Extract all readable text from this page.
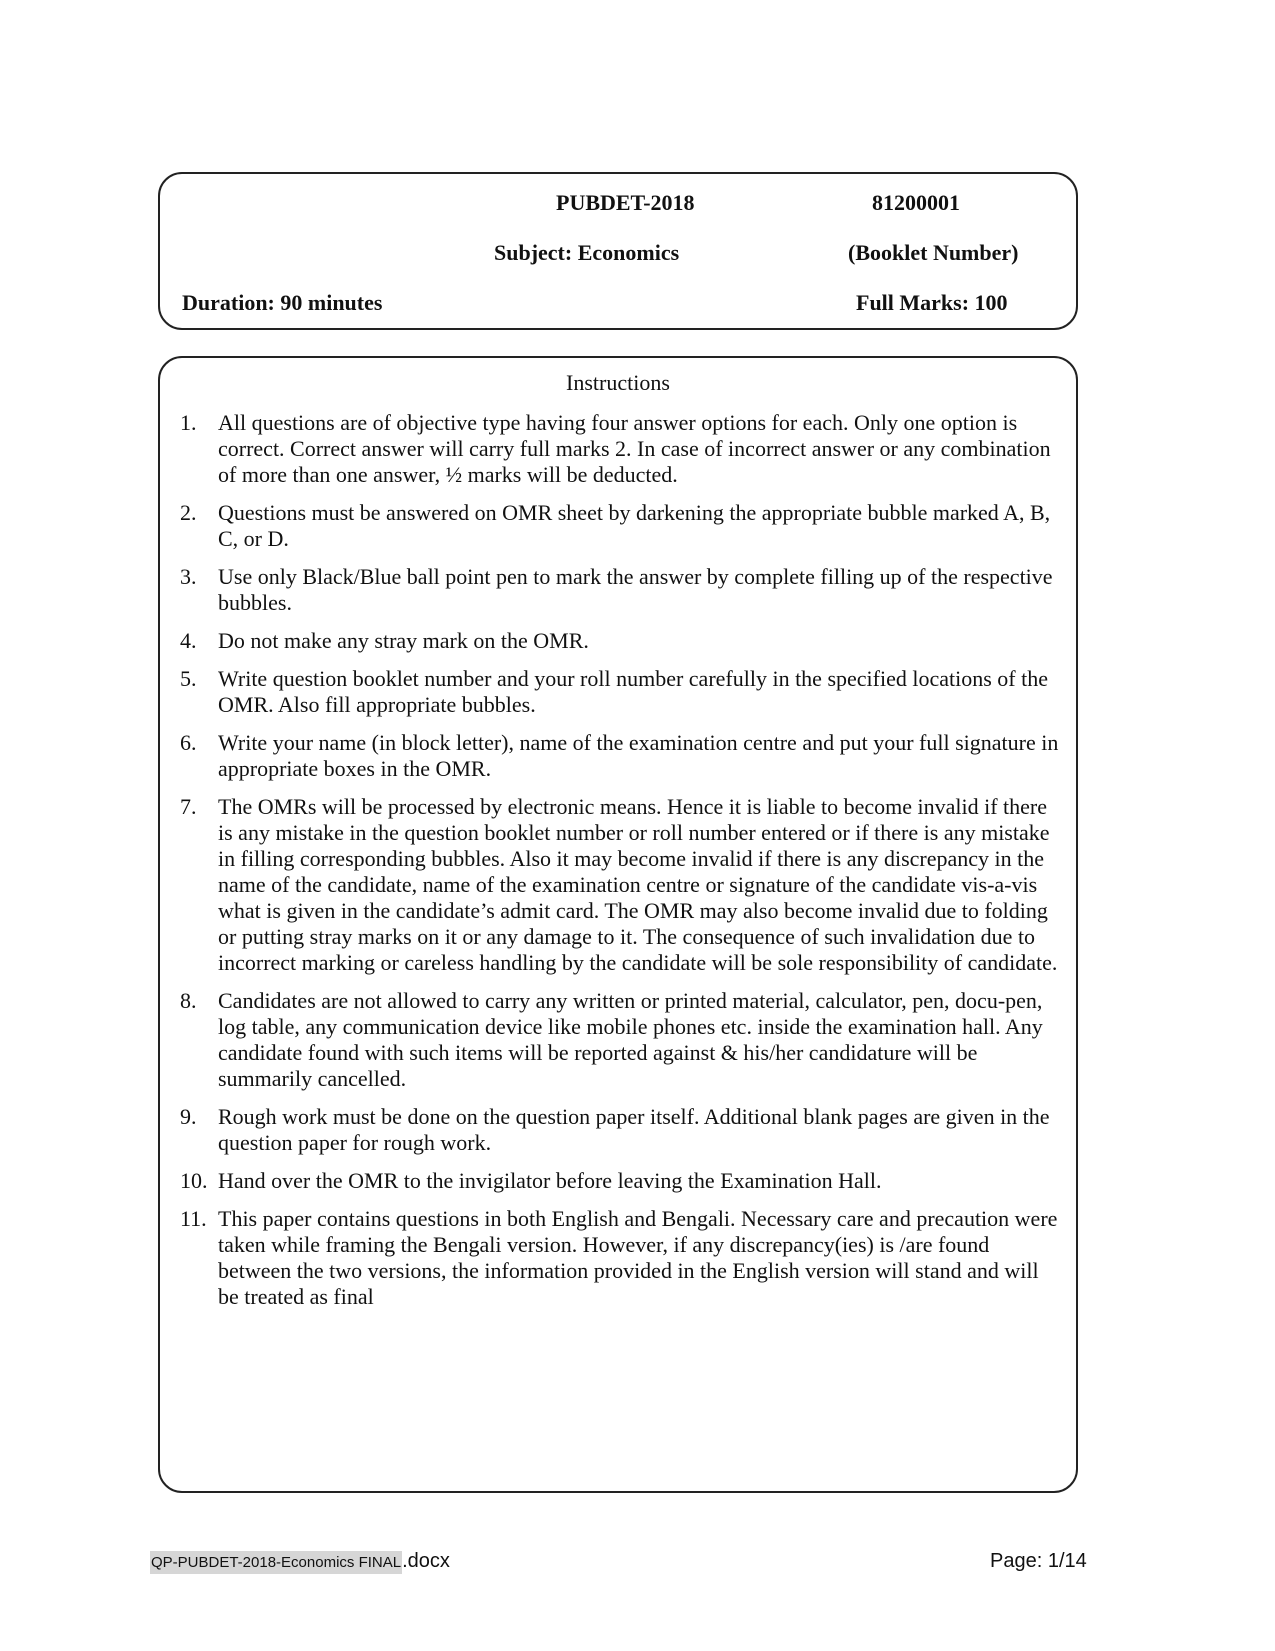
PUBDET-2018	81200001
Subject: Economics	(Booklet Number)
Duration: 90 minutes	Full Marks: 100
Instructions
1. All questions are of objective type having four answer options for each. Only one option is correct. Correct answer will carry full marks 2. In case of incorrect answer or any combination of more than one answer, ½ marks will be deducted.
2. Questions must be answered on OMR sheet by darkening the appropriate bubble marked A, B, C, or D.
3. Use only Black/Blue ball point pen to mark the answer by complete filling up of the respective bubbles.
4. Do not make any stray mark on the OMR.
5. Write question booklet number and your roll number carefully in the specified locations of the OMR. Also fill appropriate bubbles.
6. Write your name (in block letter), name of the examination centre and put your full signature in appropriate boxes in the OMR.
7. The OMRs will be processed by electronic means. Hence it is liable to become invalid if there is any mistake in the question booklet number or roll number entered or if there is any mistake in filling corresponding bubbles. Also it may become invalid if there is any discrepancy in the name of the candidate, name of the examination centre or signature of the candidate vis-a-vis what is given in the candidate’s admit card. The OMR may also become invalid due to folding or putting stray marks on it or any damage to it. The consequence of such invalidation due to incorrect marking or careless handling by the candidate will be sole responsibility of candidate.
8. Candidates are not allowed to carry any written or printed material, calculator, pen, docu-pen, log table, any communication device like mobile phones etc. inside the examination hall. Any candidate found with such items will be reported against & his/her candidature will be summarily cancelled.
9. Rough work must be done on the question paper itself. Additional blank pages are given in the question paper for rough work.
10. Hand over the OMR to the invigilator before leaving the Examination Hall.
11. This paper contains questions in both English and Bengali. Necessary care and precaution were taken while framing the Bengali version. However, if any discrepancy(ies) is /are found between the two versions, the information provided in the English version will stand and will be treated as final
QP-PUBDET-2018-Economics FINAL.docx	Page: 1/14
